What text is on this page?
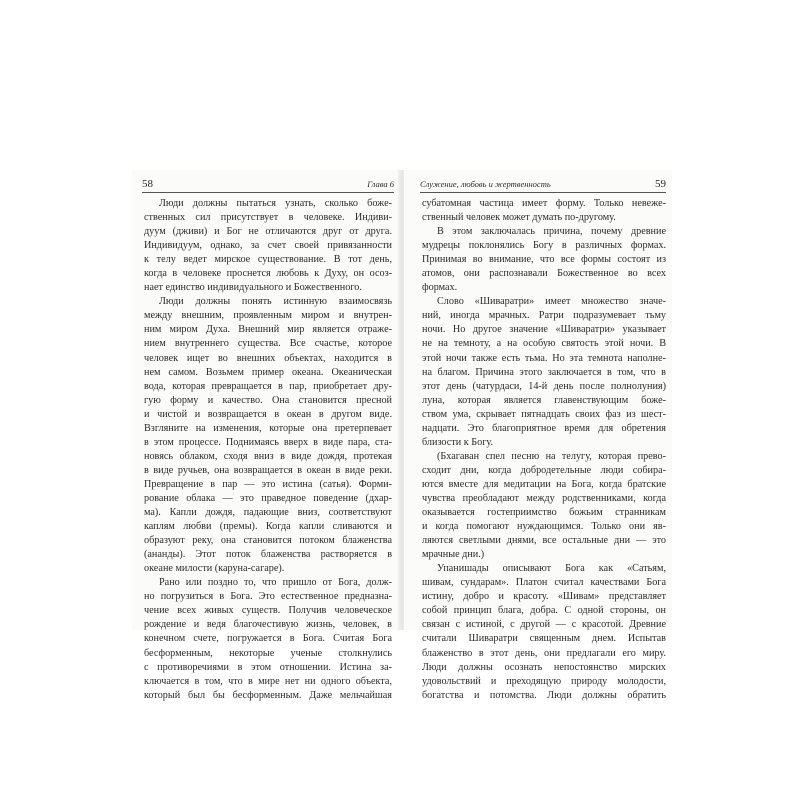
58	Глава 6
Люди должны пытаться узнать, сколько боже-
ственных сил присутствует в человеке. Индиви-
дуум (дживи) и Бог не отличаются друг от друга.
Индивидуум, однако, за счет своей привязанности
к телу ведет мирское существование. В тот день,
когда в человеке проснется любовь к Духу, он осоз-
нает единство индивидуального и Божественного.
Люди должны понять истинную взаимосвязь
между внешним, проявленным миром и внутрен-
ним миром Духа. Внешний мир является отраже-
нием внутреннего существа. Все счастье, которое
человек ищет во внешних объектах, находится в
нем самом. Возьмем пример океана. Океаническая
вода, которая превращается в пар, приобретает дру-
гую форму и качество. Она становится пресной
и чистой и возвращается в океан в другом виде.
Взгляните на изменения, которые она претерпевает
в этом процессе. Поднимаясь вверх в виде пара, ста-
новясь облаком, сходя вниз в виде дождя, протекая
в виде ручьев, она возвращается в океан в виде реки.
Превращение в пар — это истина (сатья). Форми-
рование облака — это праведное поведение (дхар-
ма). Капли дождя, падающие вниз, соответствуют
каплям любви (премы). Когда капли сливаются и
образуют реку, она становится потоком блаженства
(ананды). Этот поток блаженства растворяется в
океане милости (каруна-сагаре).
Рано или поздно то, что пришло от Бога, долж-
но погрузиться в Бога. Это естественное предназна-
чение всех живых существ. Получив человеческое
рождение и ведя благочестивую жизнь, человек, в
конечном счете, погружается в Бога. Считая Бога
бесформенным, некоторые ученые столкнулись
с противоречиями в этом отношении. Истина за-
ключается в том, что в мире нет ни одного объекта,
который был бы бесформенным. Даже мельчайшая
Служение, любовь и жертвенность	59
субатомная частица имеет форму. Только невеже-
ственный человек может думать по-другому.
В этом заключалась причина, почему древние
мудрецы поклонялись Богу в различных формах.
Принимая во внимание, что все формы состоят из
атомов, они распознавали Божественное во всех
формах.
Слово «Шиваратри» имеет множество значе-
ний, иногда мрачных. Ратри подразумевает тьму
ночи. Но другое значение «Шиваратри» указывает
не на темноту, а на особую святость этой ночи. В
этой ночи также есть тьма. Но эта темнота наполне-
на благом. Причина этого заключается в том, что в
этот день (чатурдаси, 14-й день после полнолуния)
луна, которая является главенствующим боже-
ством ума, скрывает пятнадцать своих фаз из шест-
надцати. Это благоприятное время для обретения
близости к Богу.
(Бхагаван спел песню на телугу, которая прево-
сходит дни, когда добродетельные люди собира-
ются вместе для медитации на Бога, когда братские
чувства преобладают между родственниками, когда
оказывается гостеприимство божьим странникам
и когда помогают нуждающимся. Только они яв-
ляются светлыми днями, все остальные дни — это
мрачные дни.)
Упанишады описывают Бога как «Сатьям,
шивам, сундарам». Платон считал качествами Бога
истину, добро и красоту. «Шивам» представляет
собой принцип блага, добра. С одной стороны, он
связан с истиной, с другой — с красотой. Древние
считали Шиваратри священным днем. Испытав
блаженство в этот день, они предлагали его миру.
Люди должны осознать непостоянство мирских
удовольствий и преходящую природу молодости,
богатства и потомства. Люди должны обратить
